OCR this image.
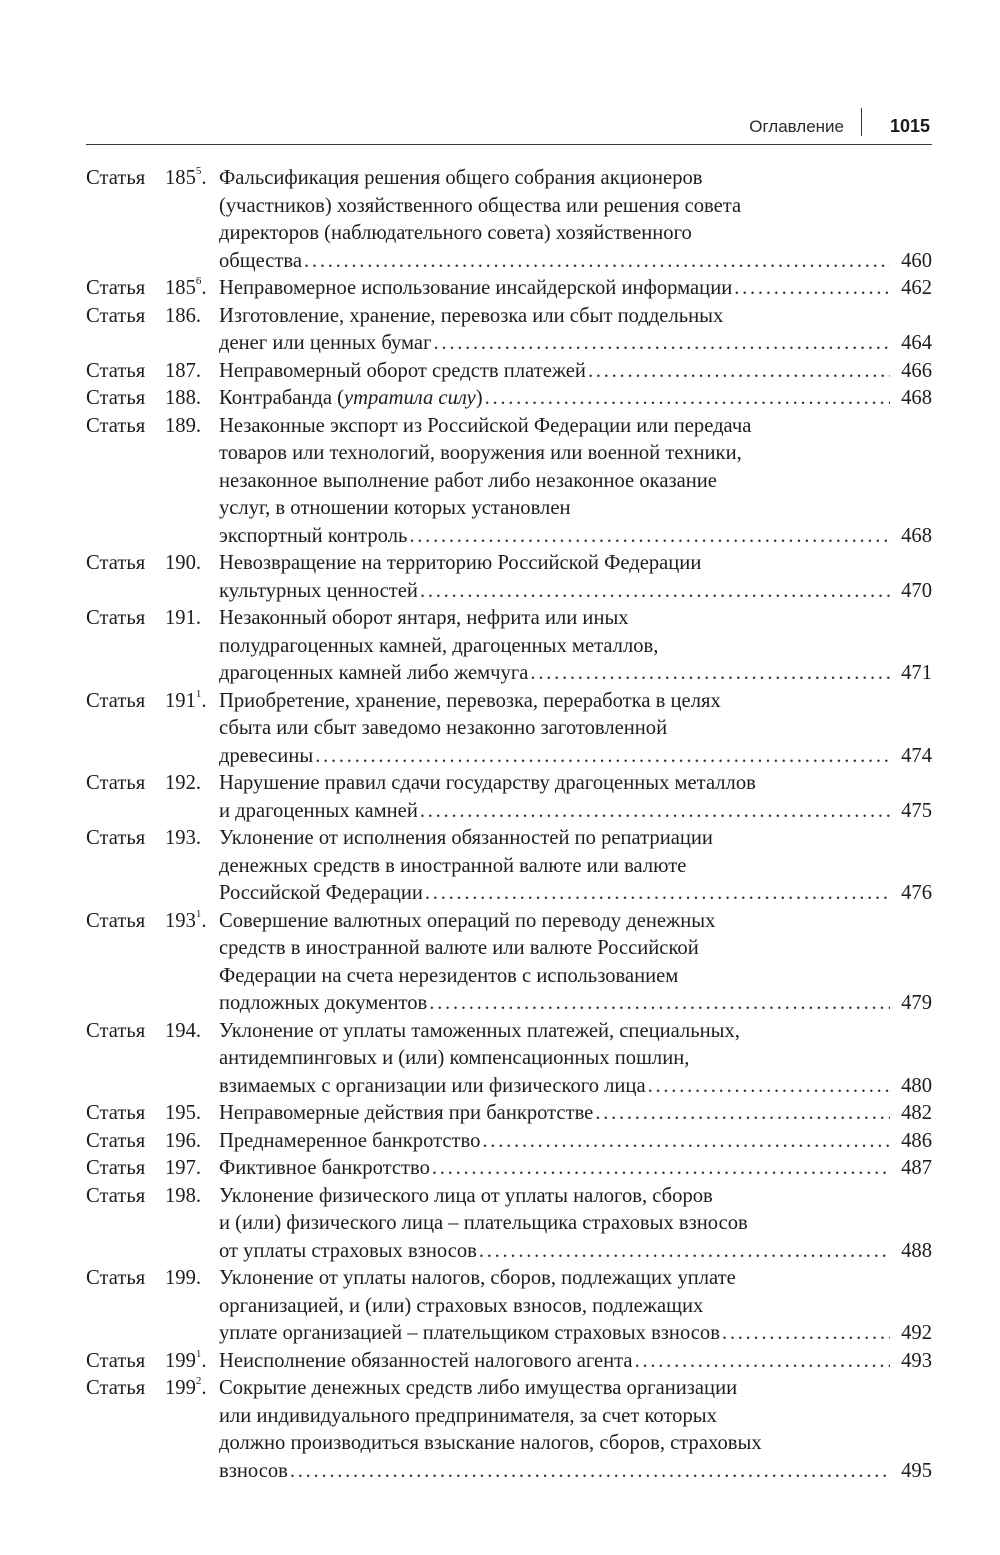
Оглавление	1015
Статья $185^5$. Фальсификация решения общего собрания акционеров
(участников) хозяйственного общества или решения совета
директоров (наблюдательного совета) хозяйственного
общества . . .	460
Статья $185^6$. Неправомерное использование инсайдерской информации . . .	462
Статья 186. Изготовление, хранение, перевозка или сбыт поддельных
денег или ценных бумаг . . .	464
Статья 187. Неправомерный оборот средств платежей . . .	466
Статья 188. Контрабанда (утратила силу) . . .	468
Статья 189. Незаконные экспорт из Российской Федерации или передача
товаров или технологий, вооружения или военной техники,
незаконное выполнение работ либо незаконное оказание
услуг, в отношении которых установлен
экспортный контроль . . .	468
Статья 190. Невозвращение на территорию Российской Федерации
культурных ценностей . . .	470
Статья 191. Незаконный оборот янтаря, нефрита или иных
полудрагоценных камней, драгоценных металлов,
драгоценных камней либо жемчуга . . .	471
Статья $191^1$. Приобретение, хранение, перевозка, переработка в целях
сбыта или сбыт заведомо незаконно заготовленной
древесины . . .	474
Статья 192. Нарушение правил сдачи государству драгоценных металлов
и драгоценных камней . . .	475
Статья 193. Уклонение от исполнения обязанностей по репатриации
денежных средств в иностранной валюте или валюте
Российской Федерации . . .	476
Статья $193^1$. Совершение валютных операций по переводу денежных
средств в иностранной валюте или валюте Российской
Федерации на счета нерезидентов с использованием
подложных документов . . .	479
Статья 194. Уклонение от уплаты таможенных платежей, специальных,
антидемпинговых и (или) компенсационных пошлин,
взимаемых с организации или физического лица . . .	480
Статья 195. Неправомерные действия при банкротстве . . .	482
Статья 196. Преднамеренное банкротство . . .	486
Статья 197. Фиктивное банкротство . . .	487
Статья 198. Уклонение физического лица от уплаты налогов, сборов
и (или) физического лица – плательщика страховых взносов
от уплаты страховых взносов . . .	488
Статья 199. Уклонение от уплаты налогов, сборов, подлежащих уплате
организацией, и (или) страховых взносов, подлежащих
уплате организацией – плательщиком страховых взносов . . .	492
Статья $199^1$. Неисполнение обязанностей налогового агента . . .	493
Статья $199^2$. Сокрытие денежных средств либо имущества организации
или индивидуального предпринимателя, за счет которых
должно производиться взыскание налогов, сборов, страховых
взносов . . .	495
